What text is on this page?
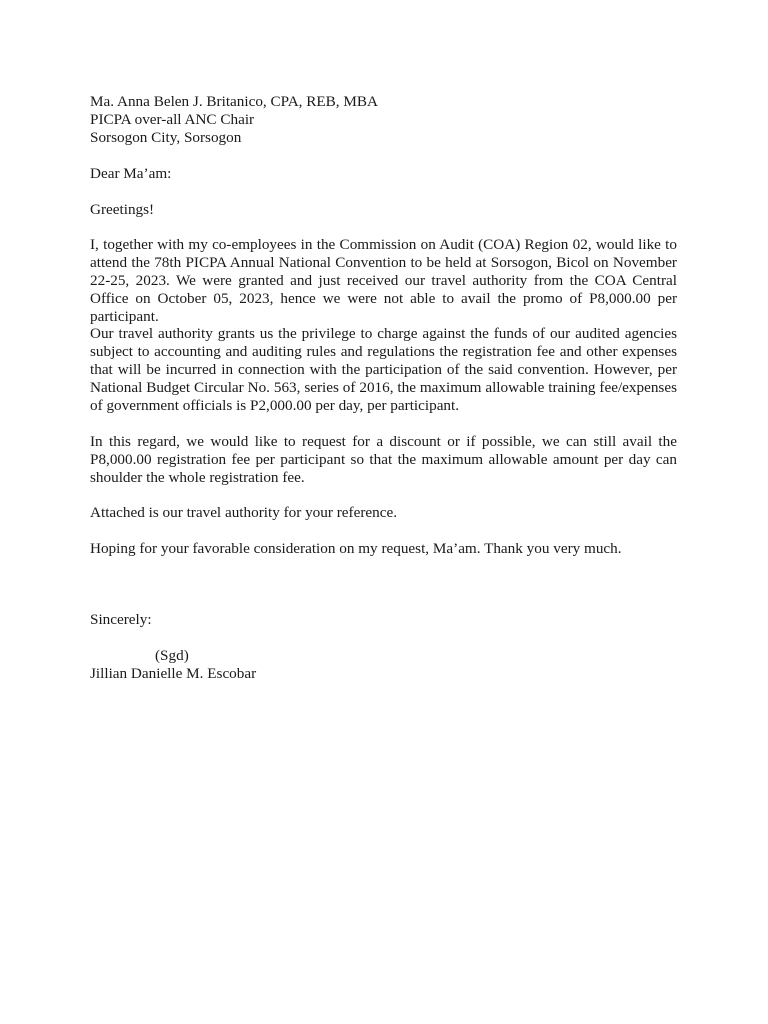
Ma. Anna Belen J. Britanico, CPA, REB, MBA
PICPA over-all ANC Chair
Sorsogon City, Sorsogon

Dear Ma’am:

Greetings!

I, together with my co-employees in the Commission on Audit (COA) Region 02, would like to attend the 78th PICPA Annual National Convention to be held at Sorsogon, Bicol on November 22-25, 2023. We were granted and just received our travel authority from the COA Central Office on October 05, 2023, hence we were not able to avail the promo of P8,000.00 per participant.

Our travel authority grants us the privilege to charge against the funds of our audited agencies subject to accounting and auditing rules and regulations the registration fee and other expenses that will be incurred in connection with the participation of the said convention. However, per National Budget Circular No. 563, series of 2016, the maximum allowable training fee/expenses of government officials is P2,000.00 per day, per participant.

In this regard, we would like to request for a discount or if possible, we can still avail the P8,000.00 registration fee per participant so that the maximum allowable amount per day can shoulder the whole registration fee.

Attached is our travel authority for your reference.

Hoping for your favorable consideration on my request, Ma’am. Thank you very much.

Sincerely:

(Sgd)

Jillian Danielle M. Escobar
